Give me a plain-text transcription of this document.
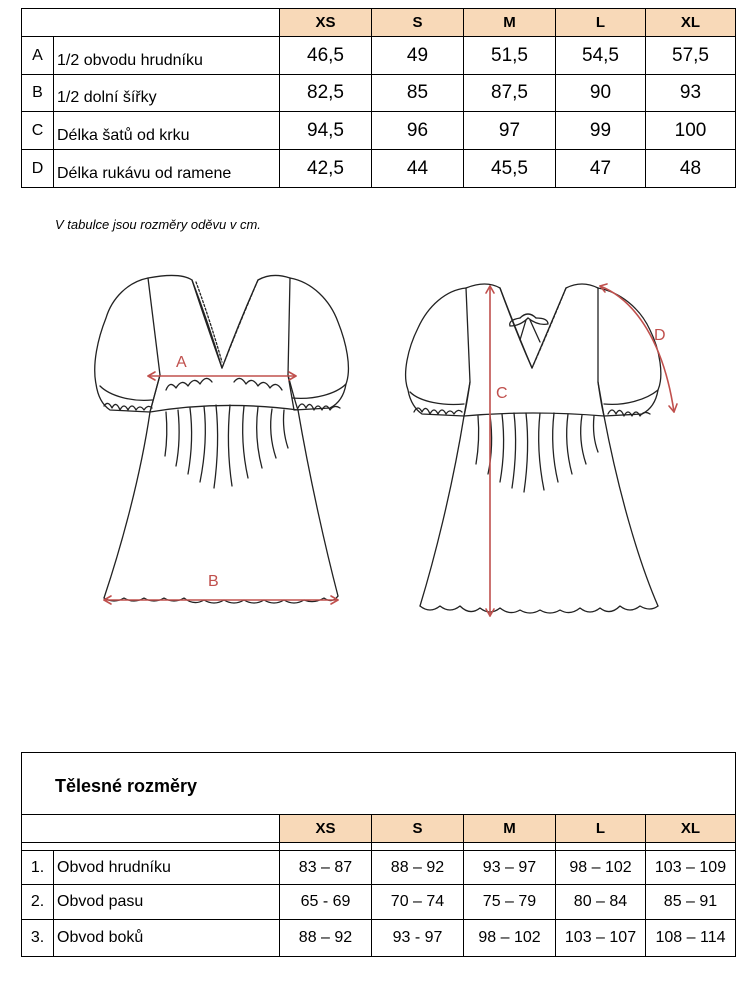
XS	S	M	L	XL
A 1/2 obvodu hrudníku	46,5	49	51,5	54,5	57,5
B 1/2 dolní šířky	82,5	85	87,5	90	93
C Délka šatů od krku	94,5	96	97	99	100
D Délka rukávu od ramene	42,5	44	45,5	47	48
V tabulce jsou rozměry oděvu v cm.
A
B
C
D
Tělesné rozměry
XS	S	M	L	XL
1. Obvod hrudníku	83 – 87	88 – 92	93 – 97	98 – 102	103 – 109
2. Obvod pasu	65 - 69	70 – 74	75 – 79	80 – 84	85 – 91
3. Obvod boků	88 – 92	93 - 97	98 – 102	103 – 107	108 – 114
